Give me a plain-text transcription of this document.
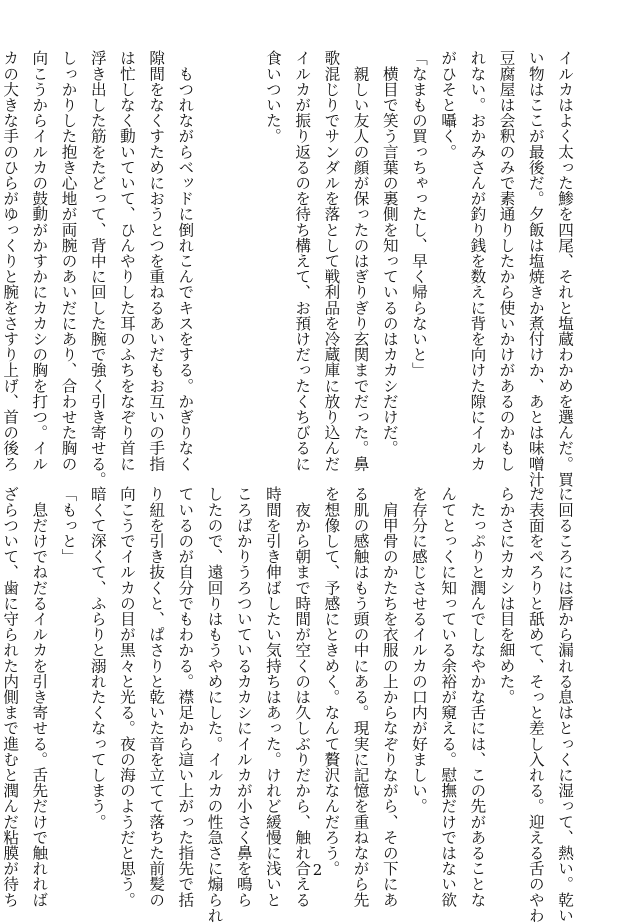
イルカはよく太った鯵を四尾、それと塩蔵わかめを選んだ。買
い物はここが最後だ。夕飯は塩焼きか煮付けか、あとは味噌汁。
豆腐屋は会釈のみで素通りしたから使いかけがあるのかもし
れない。おかみさんが釣り銭を数えに背を向けた隙にイルカ
がひそと囁く。
「なまもの買っちゃったし、早く帰らないと」
　横目で笑う言葉の裏側を知っているのはカカシだけだ。
　親しい友人の顔が保ったのはぎりぎり玄関までだった。鼻
歌混じりでサンダルを落として戦利品を冷蔵庫に放り込んだ
イルカが振り返るのを待ち構えて、お預けだったくちびるに
食いついた。

　もつれながらベッドに倒れこんでキスをする。かぎりなく
隙間をなくすためにおうとつを重ねるあいだもお互いの手指
は忙しなく動いていて、ひんやりした耳のふちをなぞり首に
浮き出した筋をたどって、背中に回した腕で強く引き寄せる。
しっかりした抱き心地が両腕のあいだにあり、合わせた胸の
向こうからイルカの鼓動がかすかにカカシの胸を打つ。イル
カの大きな手のひらがゆっくりと腕をさすり上げ、首の後ろ
に回るころには唇から漏れる息はとっくに湿って、熱い。乾い
た表面をぺろりと舐めて、そっと差し入れる。迎える舌のやわ
らかさにカカシは目を細めた。
　たっぷりと潤んでしなやかな舌には、この先があることな
んてとっくに知っている余裕が窺える。慰撫だけではない欲
を存分に感じさせるイルカの口内が好ましい。
　肩甲骨のかたちを衣服の上からなぞりながら、その下にあ
る肌の感触はもう頭の中にある。現実に記憶を重ねながら先
を想像して、予感にときめく。なんて贅沢なんだろう。
　夜から朝まで時間が空くのは久しぶりだから、触れ合える
時間を引き伸ばしたい気持ちはあった。けれど緩慢に浅いと
ころばかりうろついているカカシにイルカが小さく鼻を鳴ら
したので、遠回りはもうやめにした。イルカの性急さに煽られ
ているのが自分でもわかる。襟足から這い上がった指先で括
り紐を引き抜くと、ぱさりと乾いた音を立てて落ちた前髪の
向こうでイルカの目が黒々と光る。夜の海のようだと思う。
暗くて深くて、ふらりと溺れたくなってしまう。
「もっと」
　息だけでねだるイルカを引き寄せる。舌先だけで触れれば
ざらついて、歯に守られた内側まで進むと潤んだ粘膜が待ち	2
